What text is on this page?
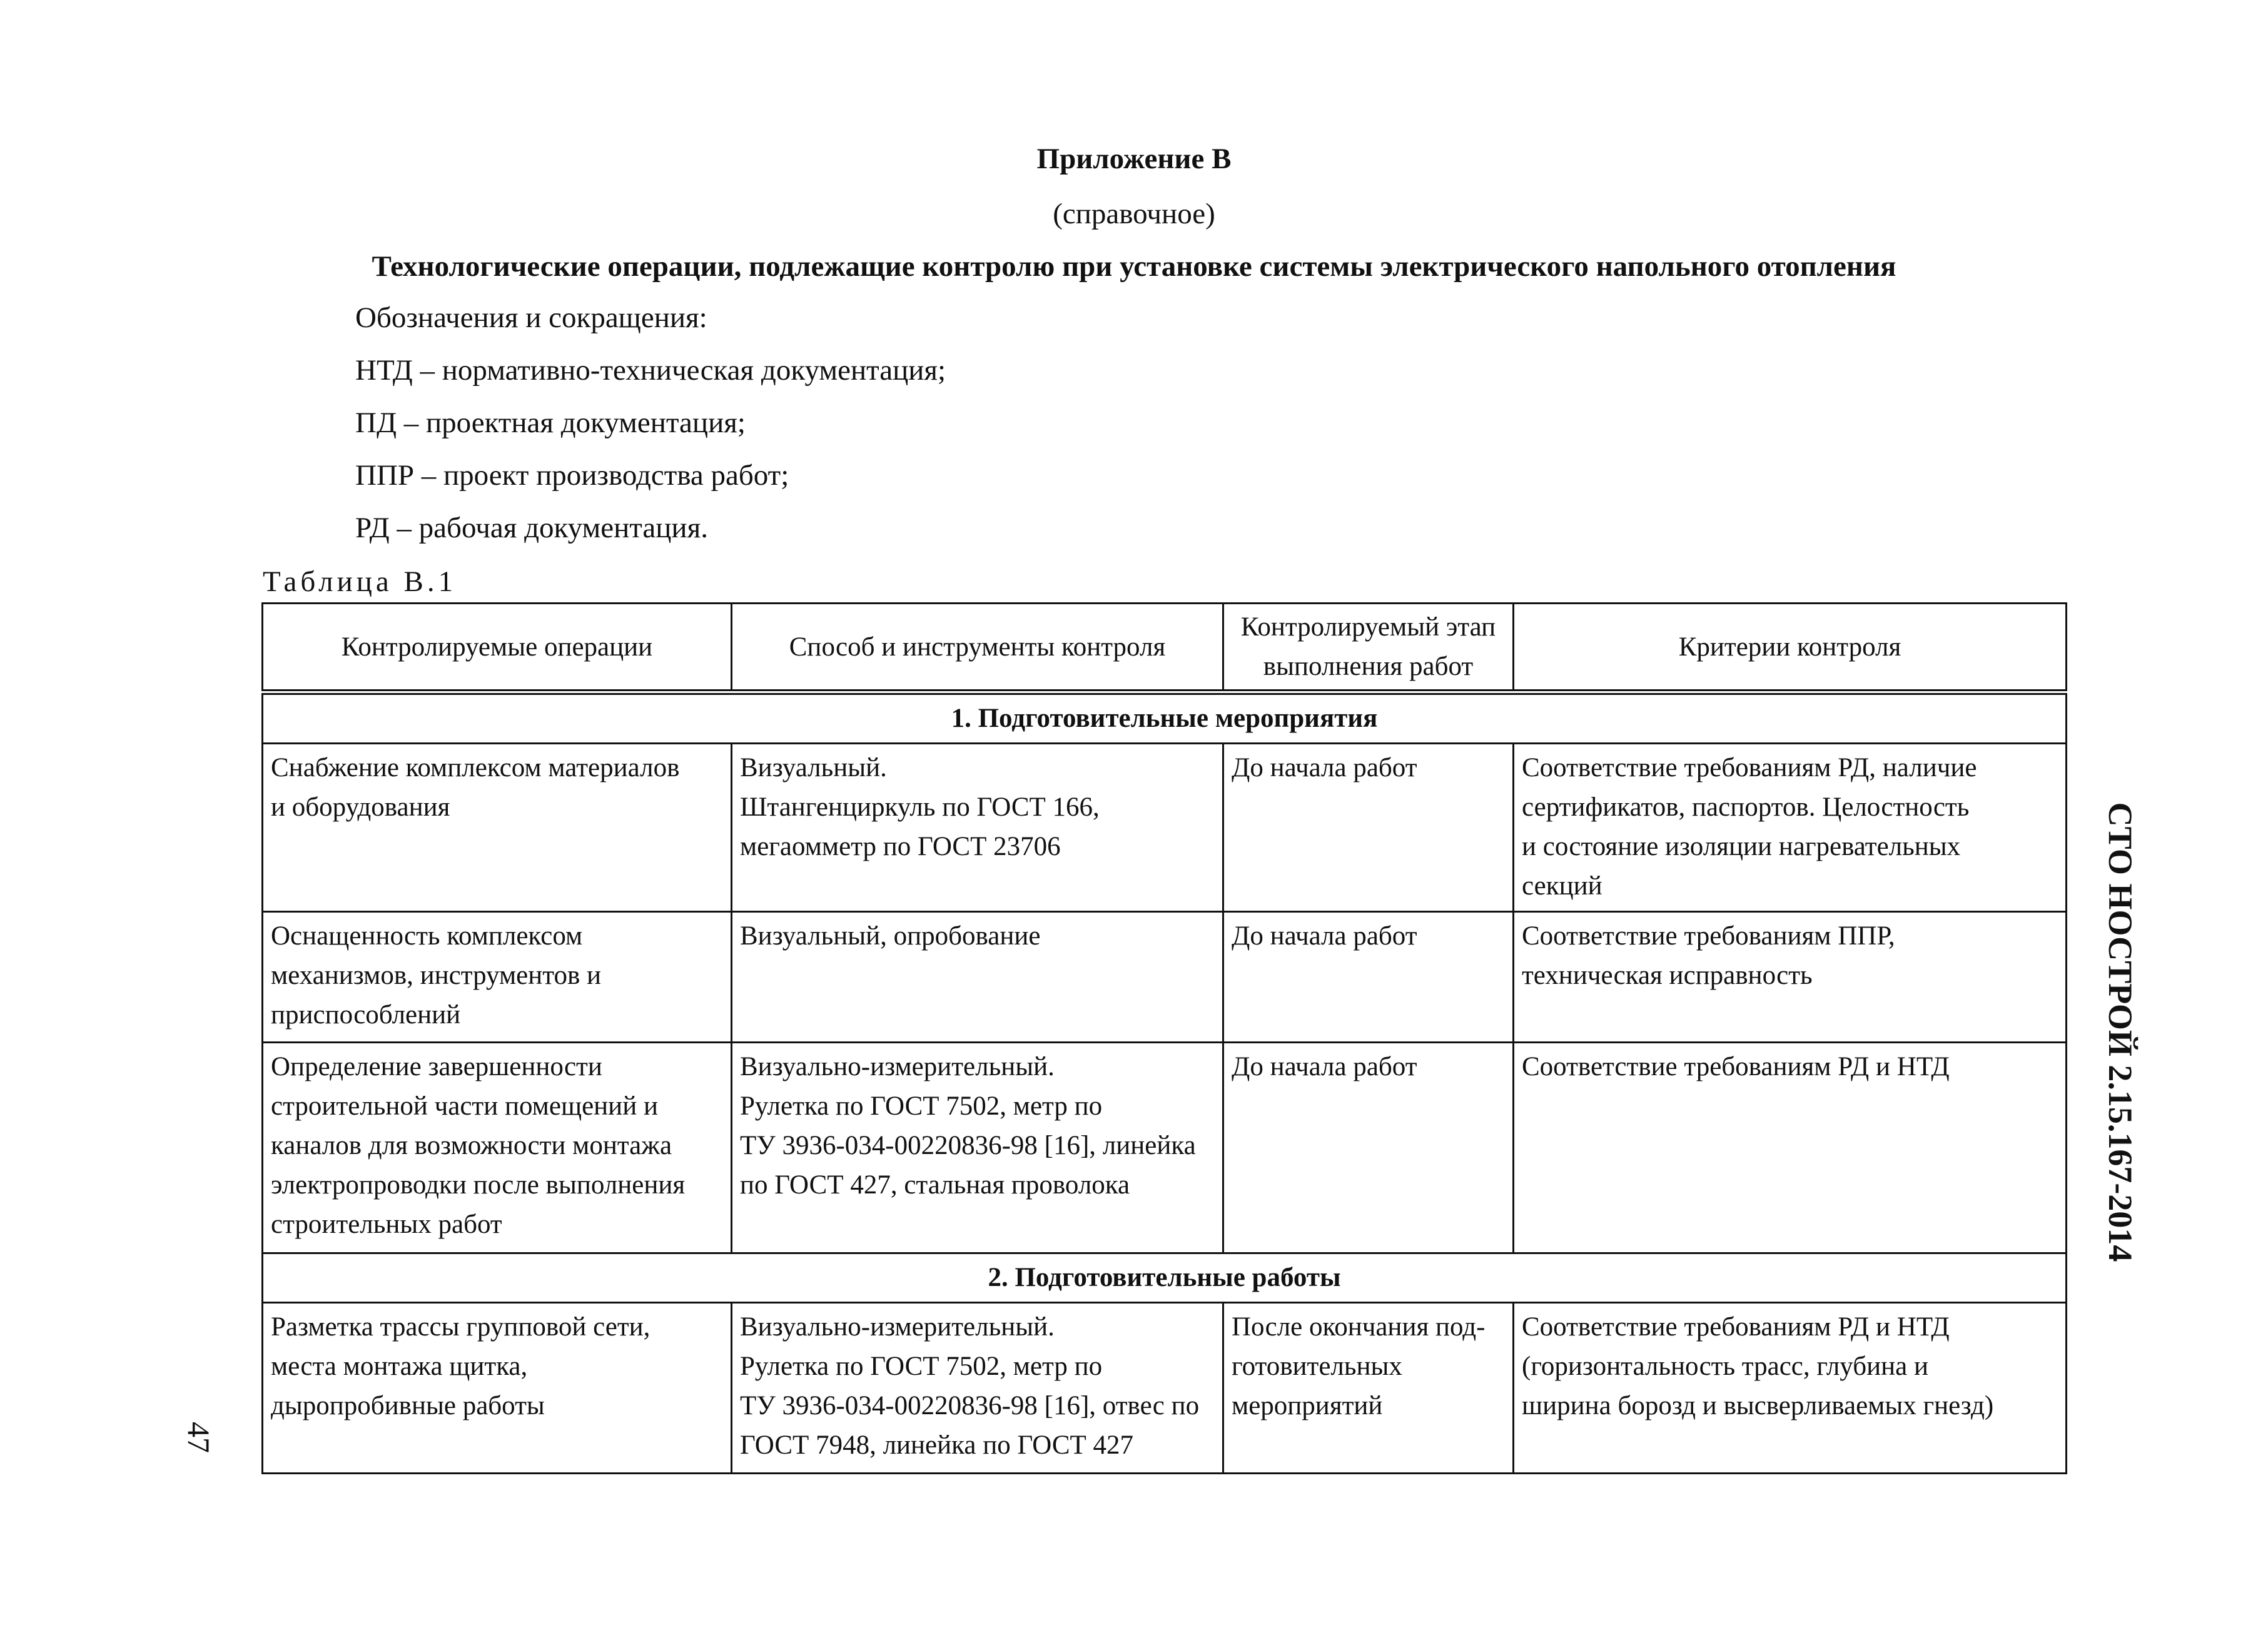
Приложение В
(справочное)
Технологические операции, подлежащие контролю при установке системы электрического напольного отопления
Обозначения и сокращения:
НТД – нормативно-техническая документация;
ПД – проектная документация;
ППР – проект производства работ;
РД – рабочая документация.
Таблица В.1
Контролируемые операции	Способ и инструменты контроля	Контролируемый этап выполнения работ	Критерии контроля
1. Подготовительные мероприятия			

Снабжение комплексом материалов
и оборудования	Визуальный.
Штангенциркуль по ГОСТ 166,
мегаомметр по ГОСТ 23706	До начала работ	Соответствие требованиям РД, наличие
сертификатов, паспортов. Целостность
и состояние изоляции нагревательных
секций

Оснащенность комплексом
механизмов, инструментов и
приспособлений	Визуальный, опробование	До начала работ	Соответствие требованиям ППР,
техническая исправность

Определение завершенности
строительной части помещений и
каналов для возможности монтажа
электропроводки после выполнения
строительных работ	Визуально-измерительный.
Рулетка по ГОСТ 7502, метр по
ТУ 3936-034-00220836-98 [16], линейка
по ГОСТ 427, стальная проволока	До начала работ	Соответствие требованиям РД и НТД

2. Подготовительные работы			

Разметка трассы групповой сети,
места монтажа щитка,
дыропробивные работы	Визуально-измерительный.
Рулетка по ГОСТ 7502, метр по
ТУ 3936-034-00220836-98 [16], отвес по
ГОСТ 7948, линейка по ГОСТ 427	После окончания под-
готовительных
мероприятий	Соответствие требованиям РД и НТД
(горизонтальность трасс, глубина и
ширина борозд и высверливаемых гнезд)
СТО НОСТРОЙ 2.15.167-2014
47
